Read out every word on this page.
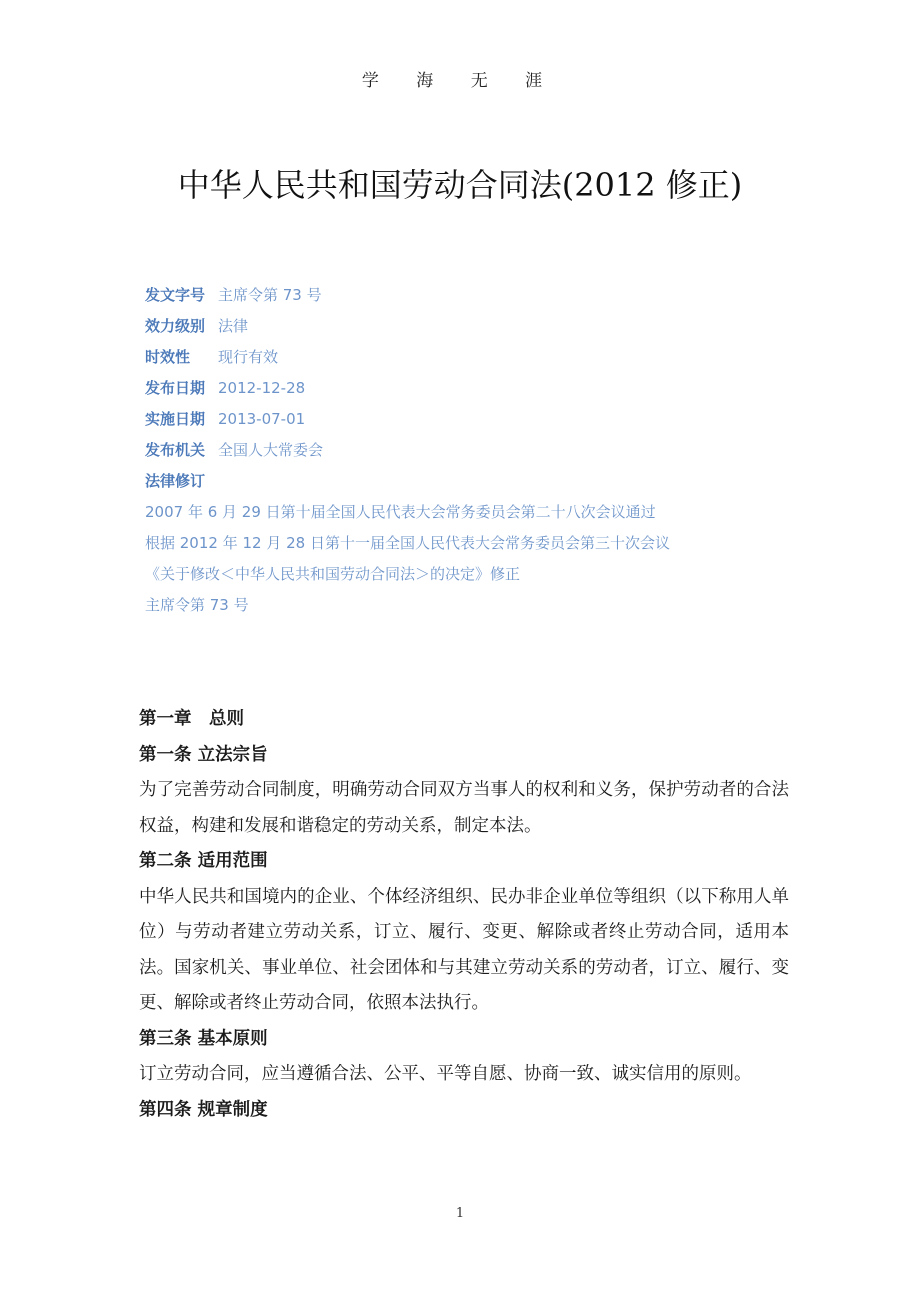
学 海 无 涯
中华人民共和国劳动合同法(2012 修正)
发文字号 主席令第 73 号
效力级别 法律
时效性	现行有效
发布日期 2012-12-28
实施日期 2013-07-01
发布机关 全国人大常委会
法律修订
2007 年 6 月 29 日第十届全国人民代表大会常务委员会第二十八次会议通过
根据 2012 年 12 月 28 日第十一届全国人民代表大会常务委员会第三十次会议
《关于修改＜中华人民共和国劳动合同法＞的决定》修正
主席令第 73 号
第一章　总则
第一条 立法宗旨
为了完善劳动合同制度，明确劳动合同双方当事人的权利和义务，保护劳动者的合法权益，构建和发展和谐稳定的劳动关系，制定本法。
第二条 适用范围
中华人民共和国境内的企业、个体经济组织、民办非企业单位等组织（以下称用人单位）与劳动者建立劳动关系，订立、履行、变更、解除或者终止劳动合同，适用本法。国家机关、事业单位、社会团体和与其建立劳动关系的劳动者，订立、履行、变更、解除或者终止劳动合同，依照本法执行。
第三条 基本原则
订立劳动合同，应当遵循合法、公平、平等自愿、协商一致、诚实信用的原则。
第四条 规章制度
1
